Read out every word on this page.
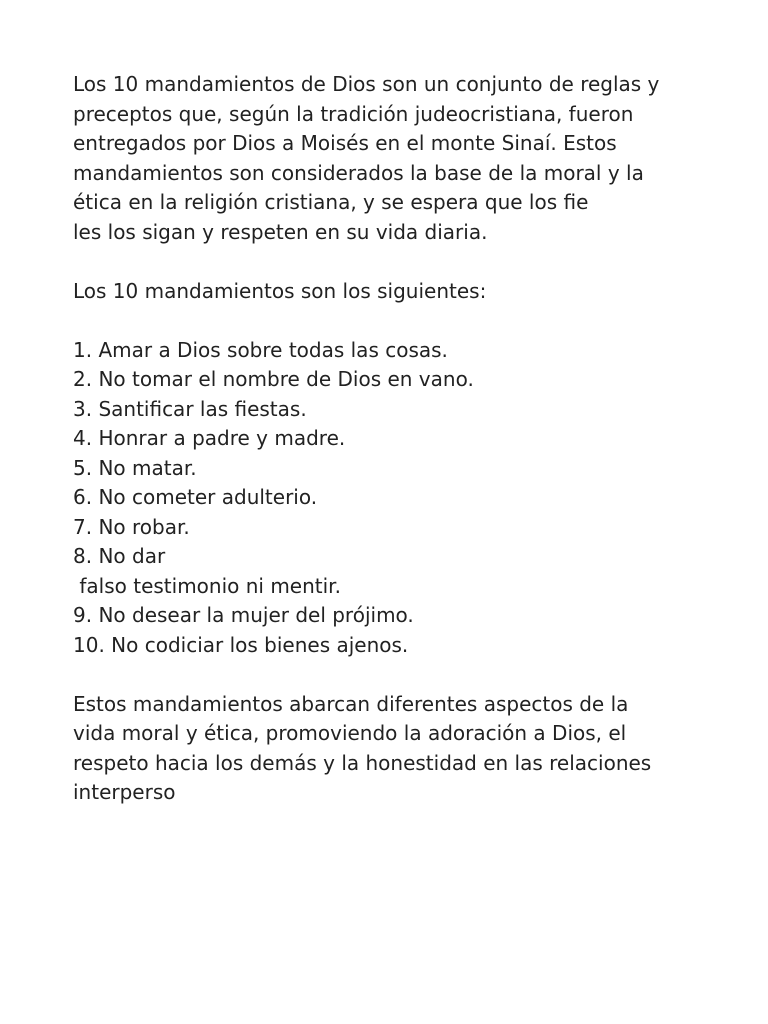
Los 10 mandamientos de Dios son un conjunto de reglas y
preceptos que, según la tradición judeocristiana, fueron
entregados por Dios a Moisés en el monte Sinaí. Estos
mandamientos son considerados la base de la moral y la
ética en la religión cristiana, y se espera que los fie
les los sigan y respeten en su vida diaria.
Los 10 mandamientos son los siguientes:
1. Amar a Dios sobre todas las cosas.
2. No tomar el nombre de Dios en vano.
3. Santificar las fiestas.
4. Honrar a padre y madre.
5. No matar.
6. No cometer adulterio.
7. No robar.
8. No dar
falso testimonio ni mentir.
9. No desear la mujer del prójimo.
10. No codiciar los bienes ajenos.
Estos mandamientos abarcan diferentes aspectos de la
vida moral y ética, promoviendo la adoración a Dios, el
respeto hacia los demás y la honestidad en las relaciones
interperso
